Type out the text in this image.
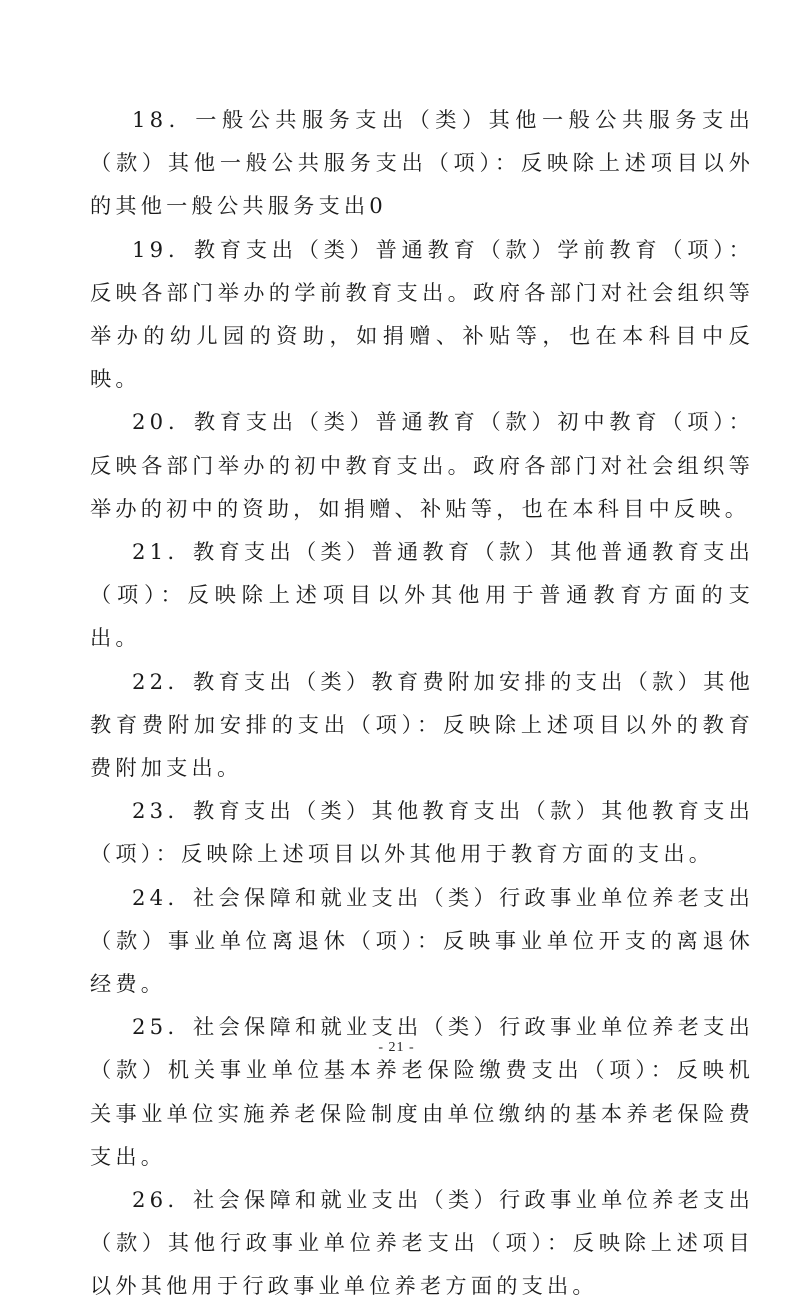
18．一般公共服务支出（类）其他一般公共服务支出（款）其他一般公共服务支出（项）：反映除上述项目以外的其他一般公共服务支出0

19．教育支出（类）普通教育（款）学前教育（项）：反映各部门举办的学前教育支出。政府各部门对社会组织等举办的幼儿园的资助，如捐赠、补贴等，也在本科目中反映。

20．教育支出（类）普通教育（款）初中教育（项）：反映各部门举办的初中教育支出。政府各部门对社会组织等举办的初中的资助，如捐赠、补贴等，也在本科目中反映。

21．教育支出（类）普通教育（款）其他普通教育支出（项）：反映除上述项目以外其他用于普通教育方面的支出。

22．教育支出（类）教育费附加安排的支出（款）其他教育费附加安排的支出（项）：反映除上述项目以外的教育费附加支出。

23．教育支出（类）其他教育支出（款）其他教育支出（项）：反映除上述项目以外其他用于教育方面的支出。

24．社会保障和就业支出（类）行政事业单位养老支出（款）事业单位离退休（项）：反映事业单位开支的离退休经费。

25．社会保障和就业支出（类）行政事业单位养老支出（款）机关事业单位基本养老保险缴费支出（项）：反映机关事业单位实施养老保险制度由单位缴纳的基本养老保险费支出。

26．社会保障和就业支出（类）行政事业单位养老支出（款）其他行政事业单位养老支出（项）：反映除上述项目以外其他用于行政事业单位养老方面的支出。

- 21 -
